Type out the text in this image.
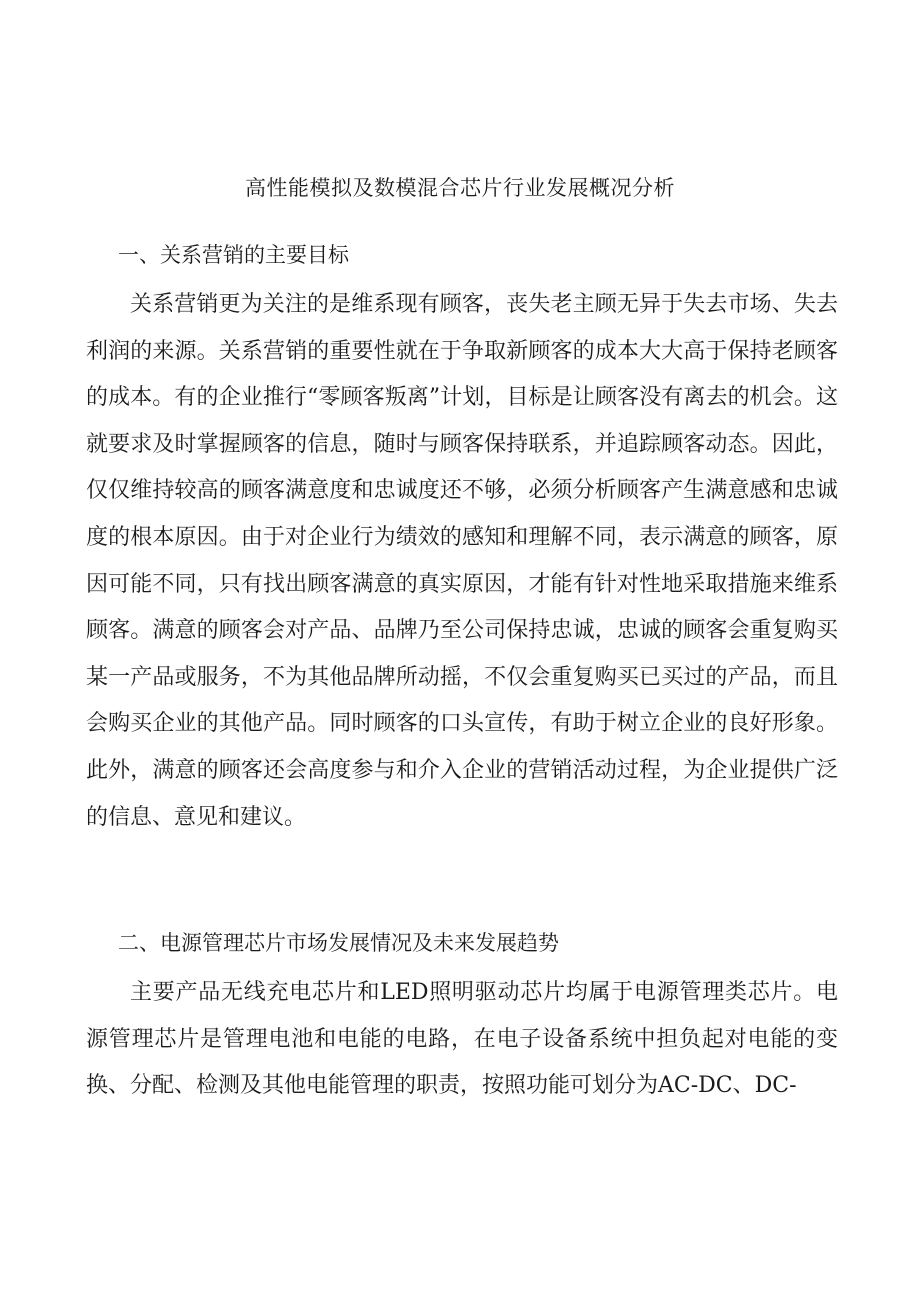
高性能模拟及数模混合芯片行业发展概况分析
一、关系营销的主要目标

关系营销更为关注的是维系现有顾客，丧失老主顾无异于失去市场、失去利润的来源。关系营销的重要性就在于争取新顾客的成本大大高于保持老顾客的成本。有的企业推行“零顾客叛离”计划，目标是让顾客没有离去的机会。这就要求及时掌握顾客的信息，随时与顾客保持联系，并追踪顾客动态。因此，仅仅维持较高的顾客满意度和忠诚度还不够，必须分析顾客产生满意感和忠诚度的根本原因。由于对企业行为绩效的感知和理解不同，表示满意的顾客，原因可能不同，只有找出顾客满意的真实原因，才能有针对性地采取措施来维系顾客。满意的顾客会对产品、品牌乃至公司保持忠诚，忠诚的顾客会重复购买某一产品或服务，不为其他品牌所动摇，不仅会重复购买已买过的产品，而且会购买企业的其他产品。同时顾客的口头宣传，有助于树立企业的良好形象。此外，满意的顾客还会高度参与和介入企业的营销活动过程，为企业提供广泛的信息、意见和建议。

二、电源管理芯片市场发展情况及未来发展趋势

主要产品无线充电芯片和LED照明驱动芯片均属于电源管理类芯片。电源管理芯片是管理电池和电能的电路，在电子设备系统中担负起对电能的变换、分配、检测及其他电能管理的职责，按照功能可划分为AC-DC、DC-
